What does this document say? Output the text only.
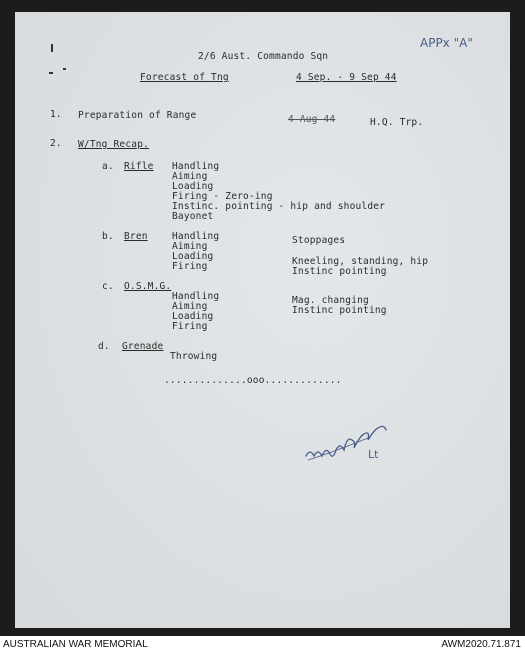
APPx "A"
2/6 Aust. Commando Sqn
Forecast of Tng	4 Sep. - 9 Sep 44
1. Preparation of Range	4 Aug 44	H.Q. Trp.
2. W/Tng Recap.
a. Rifle Handling
Aiming
Loading
Firing - Zero-ing
Instinc. pointing - hip and shoulder
Bayonet
b. Bren	Handling
Aiming
Loading
Firing
Stoppages
Kneeling, standing, hip
Instinc pointing
c. O.S.M.G.
Handling
Aiming
Loading
Firing
Mag. changing
Instinc pointing
d. Grenade
Throwing
..............ooo.............
Lt
AUSTRALIAN WAR MEMORIAL	AWM2020.71.871
